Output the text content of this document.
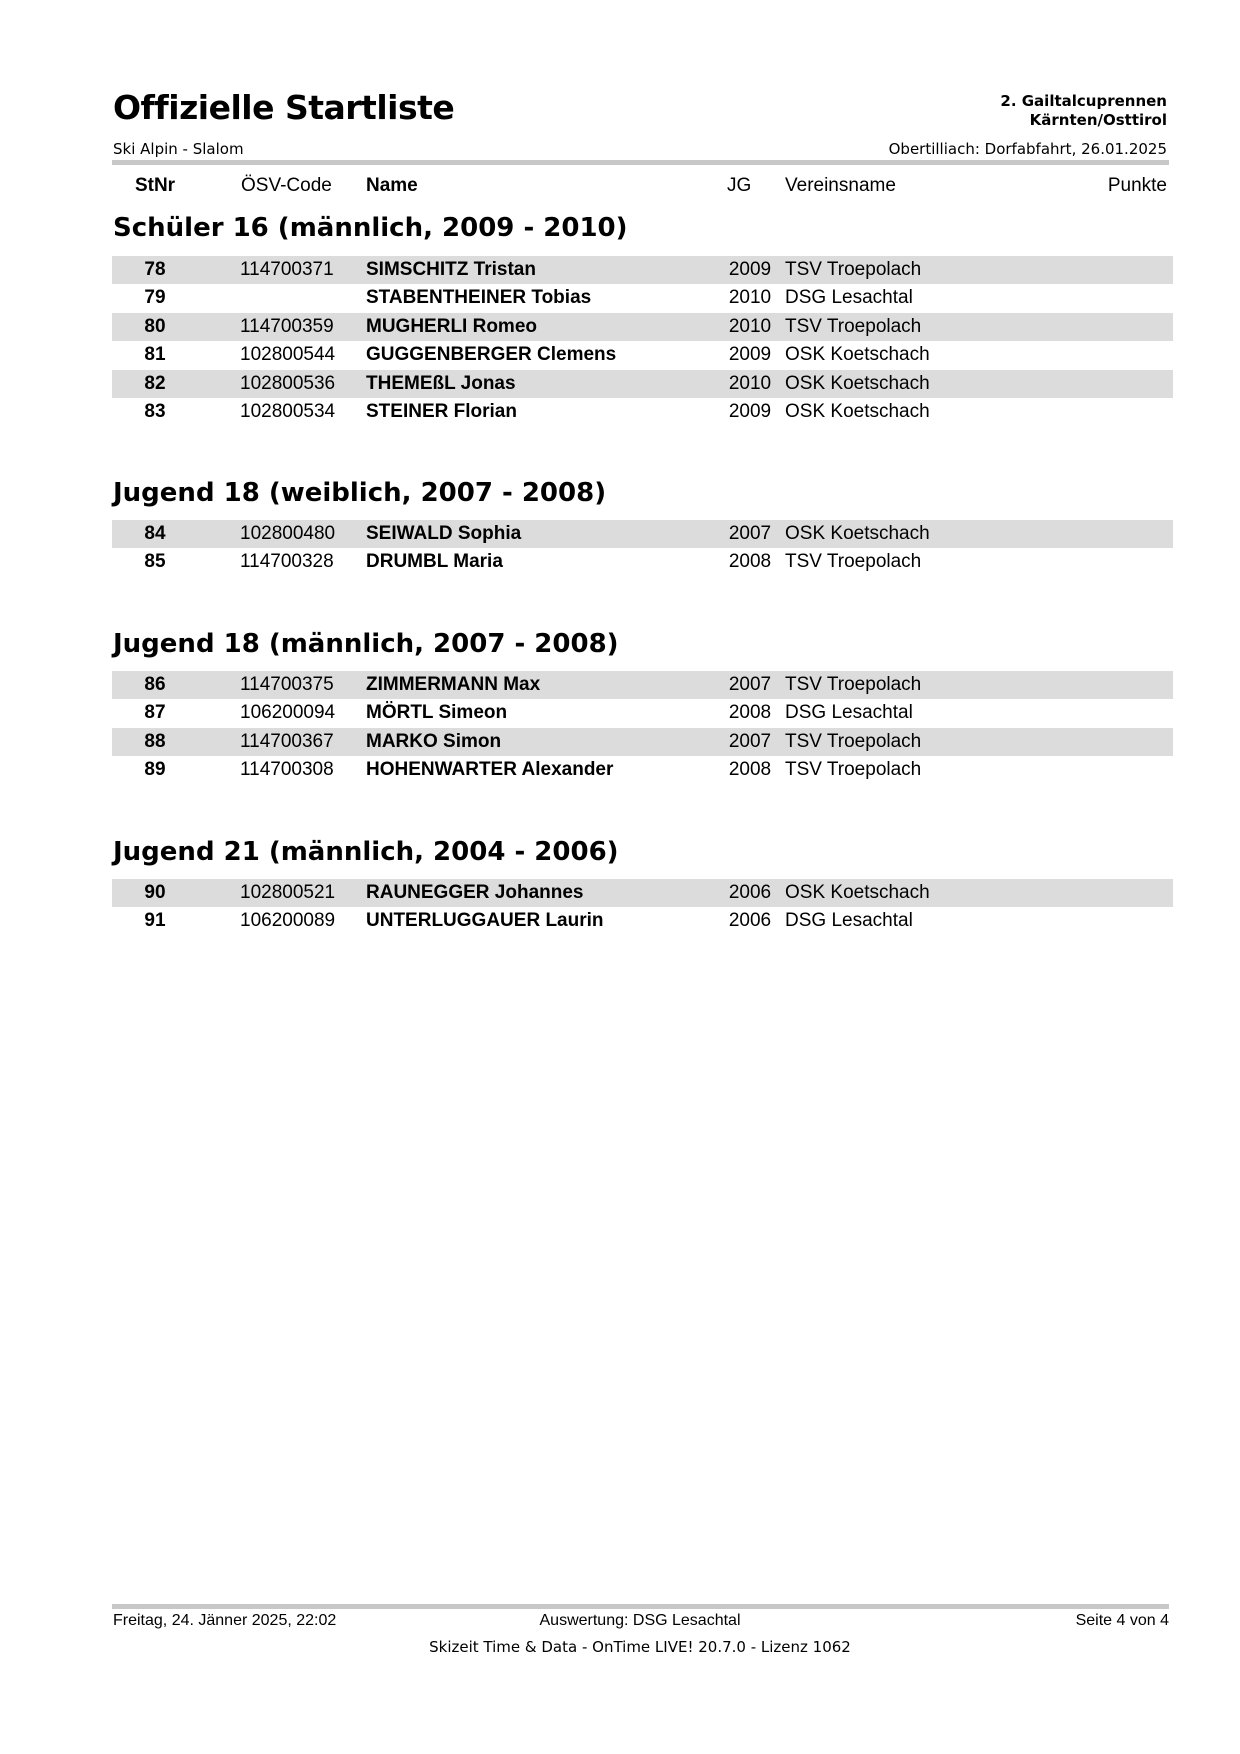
Offizielle Startliste	2. Gailtalcuprennen
Kärnten/Osttirol
Ski Alpin - Slalom	Obertilliach: Dorfabfahrt, 26.01.2025
StNr	ÖSV-Code Name	JG Vereinsname	Punkte
Schüler 16 (männlich, 2009 - 2010)
78	114700371 SIMSCHITZ Tristan	2009 TSV Troepolach
79	STABENTHEINER Tobias	2010 DSG Lesachtal
80	114700359 MUGHERLI Romeo	2010 TSV Troepolach
81	102800544 GUGGENBERGER Clemens	2009 OSK Koetschach
82	102800536 THEMEßL Jonas	2010 OSK Koetschach
83	102800534 STEINER Florian	2009 OSK Koetschach
Jugend 18 (weiblich, 2007 - 2008)
84	102800480 SEIWALD Sophia	2007 OSK Koetschach
85	114700328 DRUMBL Maria	2008 TSV Troepolach
Jugend 18 (männlich, 2007 - 2008)
86	114700375 ZIMMERMANN Max	2007 TSV Troepolach
87	106200094 MÖRTL Simeon	2008 DSG Lesachtal
88	114700367 MARKO Simon	2007 TSV Troepolach
89	114700308 HOHENWARTER Alexander	2008 TSV Troepolach
Jugend 21 (männlich, 2004 - 2006)
90	102800521 RAUNEGGER Johannes	2006 OSK Koetschach
91	106200089 UNTERLUGGAUER Laurin	2006 DSG Lesachtal
Freitag, 24. Jänner 2025, 22:02	Auswertung: DSG Lesachtal	Seite 4 von 4
Skizeit Time & Data - OnTime LIVE! 20.7.0 - Lizenz 1062
